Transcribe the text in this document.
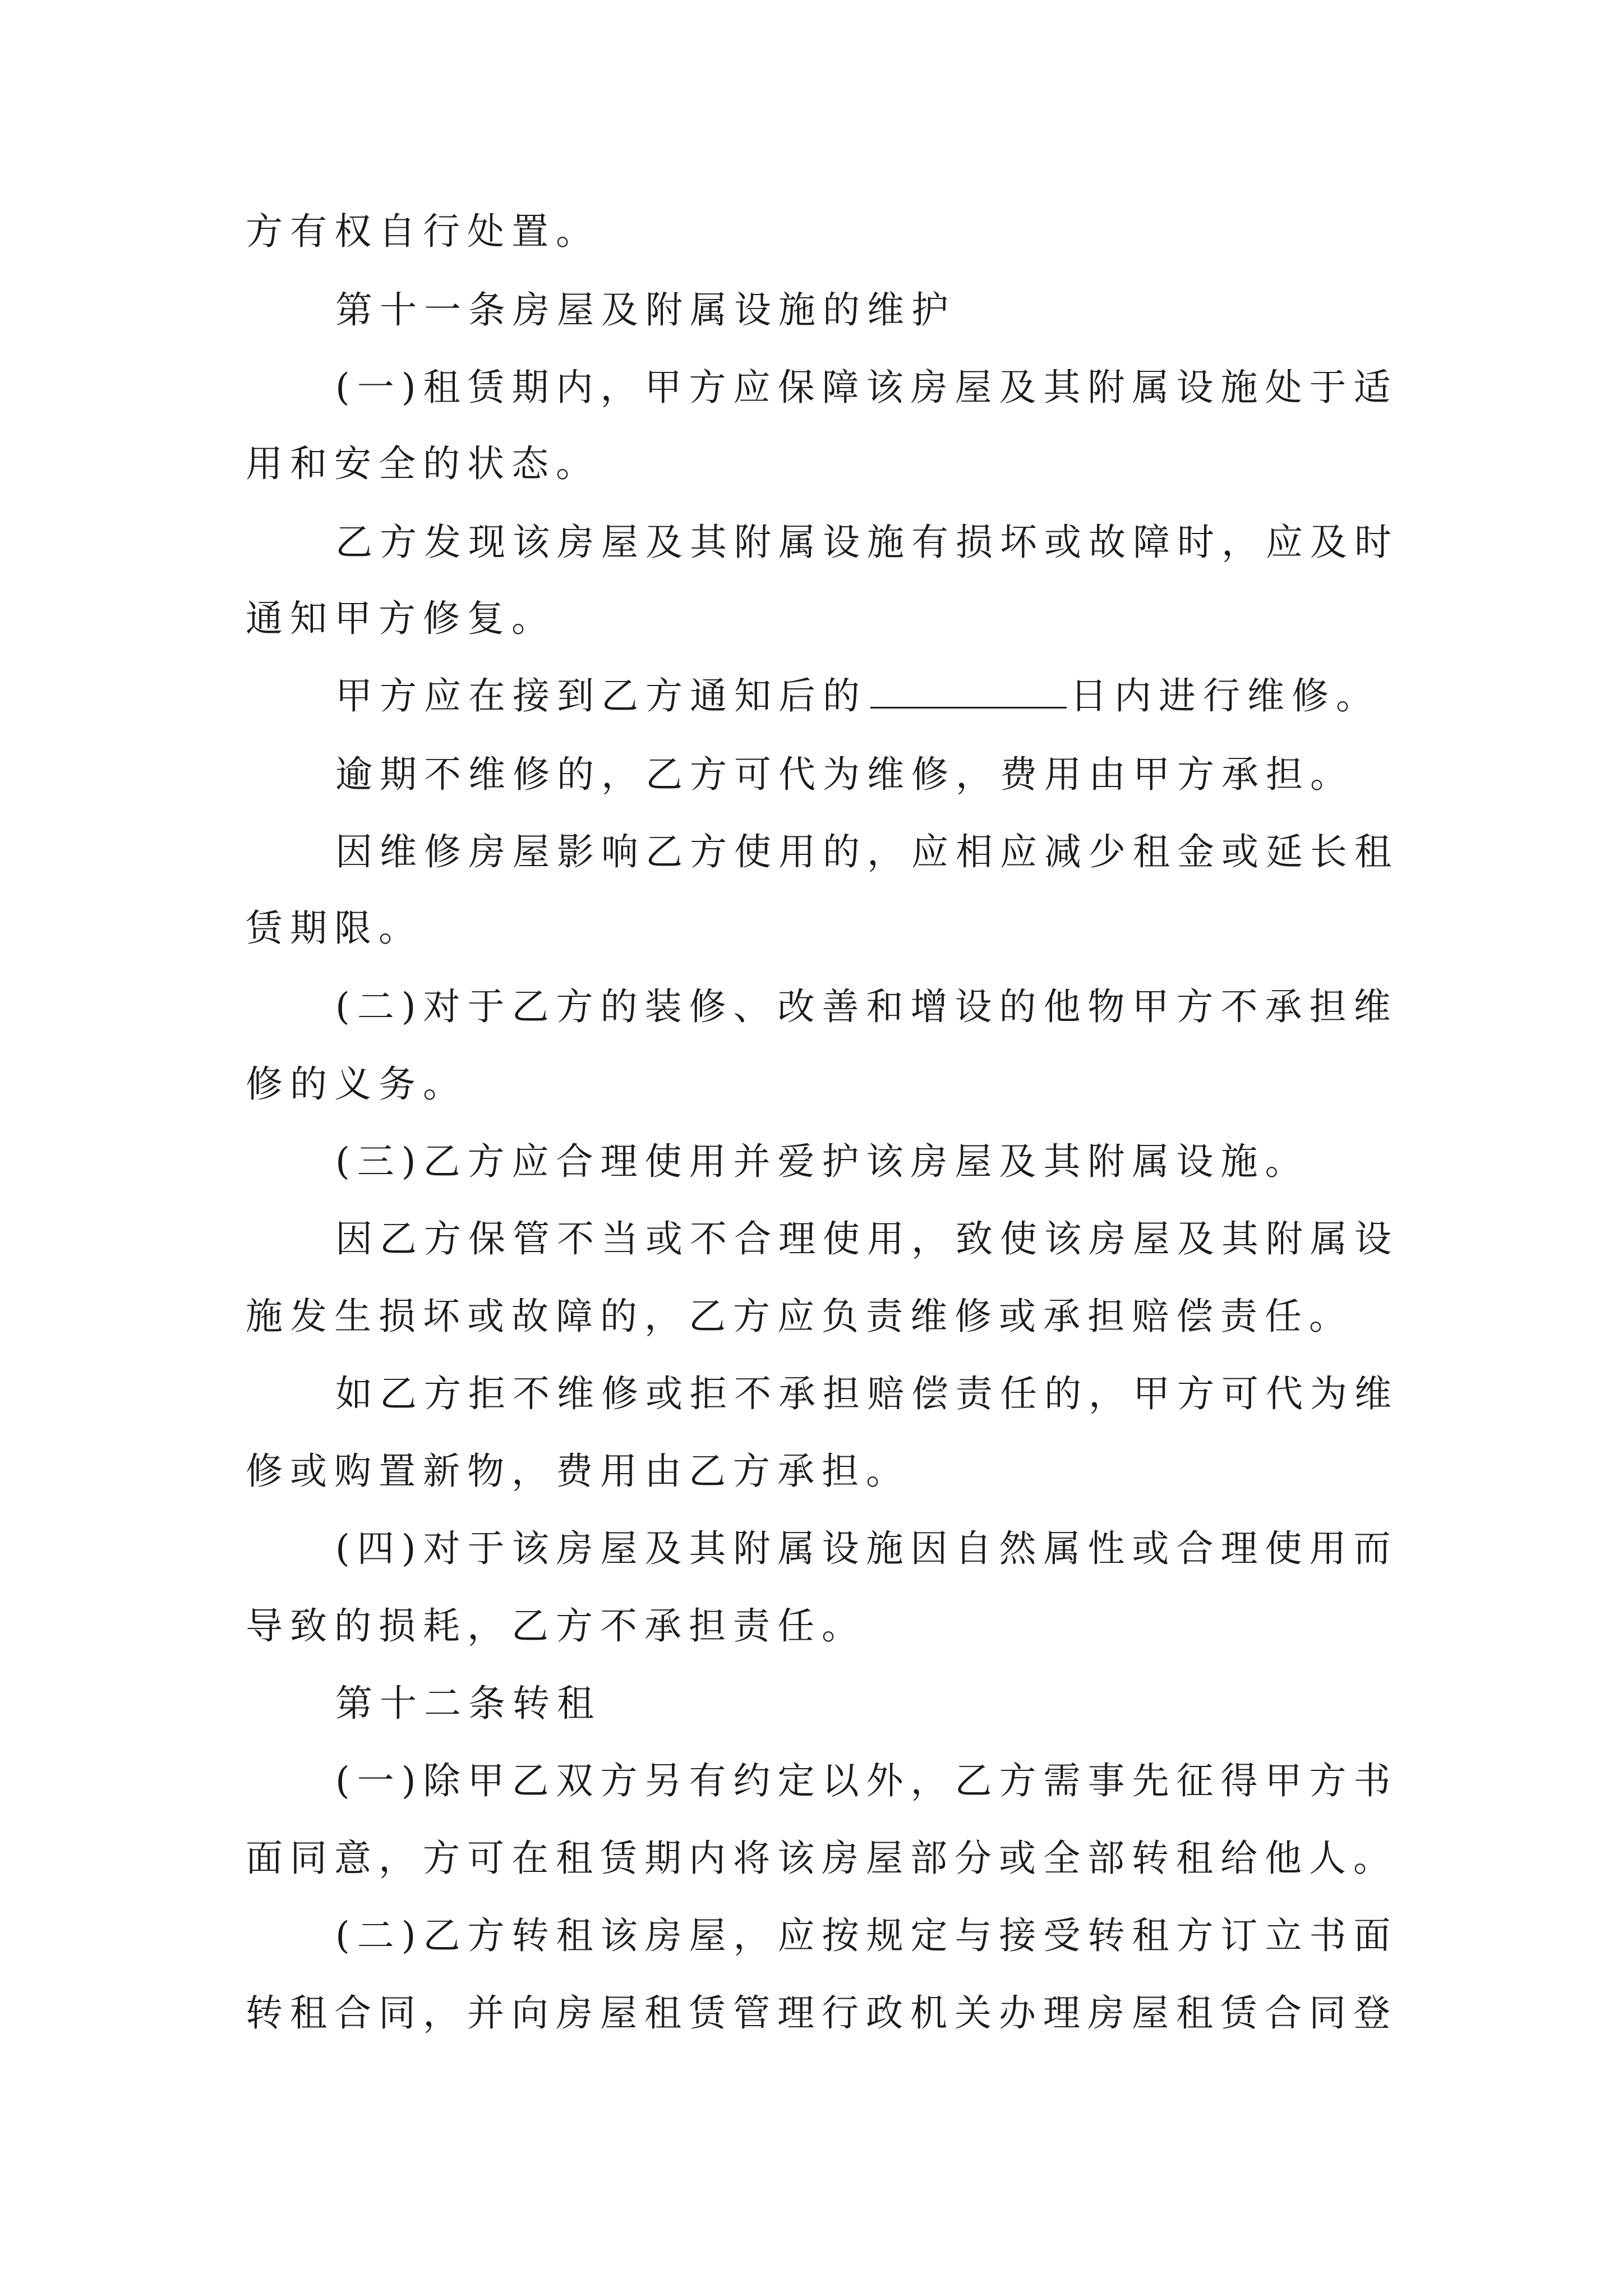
方有权自行处置。
第十一条房屋及附属设施的维护
(一)租赁期内，甲方应保障该房屋及其附属设施处于适
用和安全的状态。
乙方发现该房屋及其附属设施有损坏或故障时，应及时
通知甲方修复。
甲方应在接到乙方通知后的	日内进行维修。
逾期不维修的，乙方可代为维修，费用由甲方承担。
因维修房屋影响乙方使用的，应相应减少租金或延长租
赁期限。
(二)对于乙方的装修、改善和增设的他物甲方不承担维
修的义务。
(三)乙方应合理使用并爱护该房屋及其附属设施。
因乙方保管不当或不合理使用，致使该房屋及其附属设
施发生损坏或故障的，乙方应负责维修或承担赔偿责任。
如乙方拒不维修或拒不承担赔偿责任的，甲方可代为维
修或购置新物，费用由乙方承担。
(四)对于该房屋及其附属设施因自然属性或合理使用而
导致的损耗，乙方不承担责任。
第十二条转租
(一)除甲乙双方另有约定以外，乙方需事先征得甲方书
面同意，方可在租赁期内将该房屋部分或全部转租给他人。
(二)乙方转租该房屋，应按规定与接受转租方订立书面
转租合同，并向房屋租赁管理行政机关办理房屋租赁合同登
